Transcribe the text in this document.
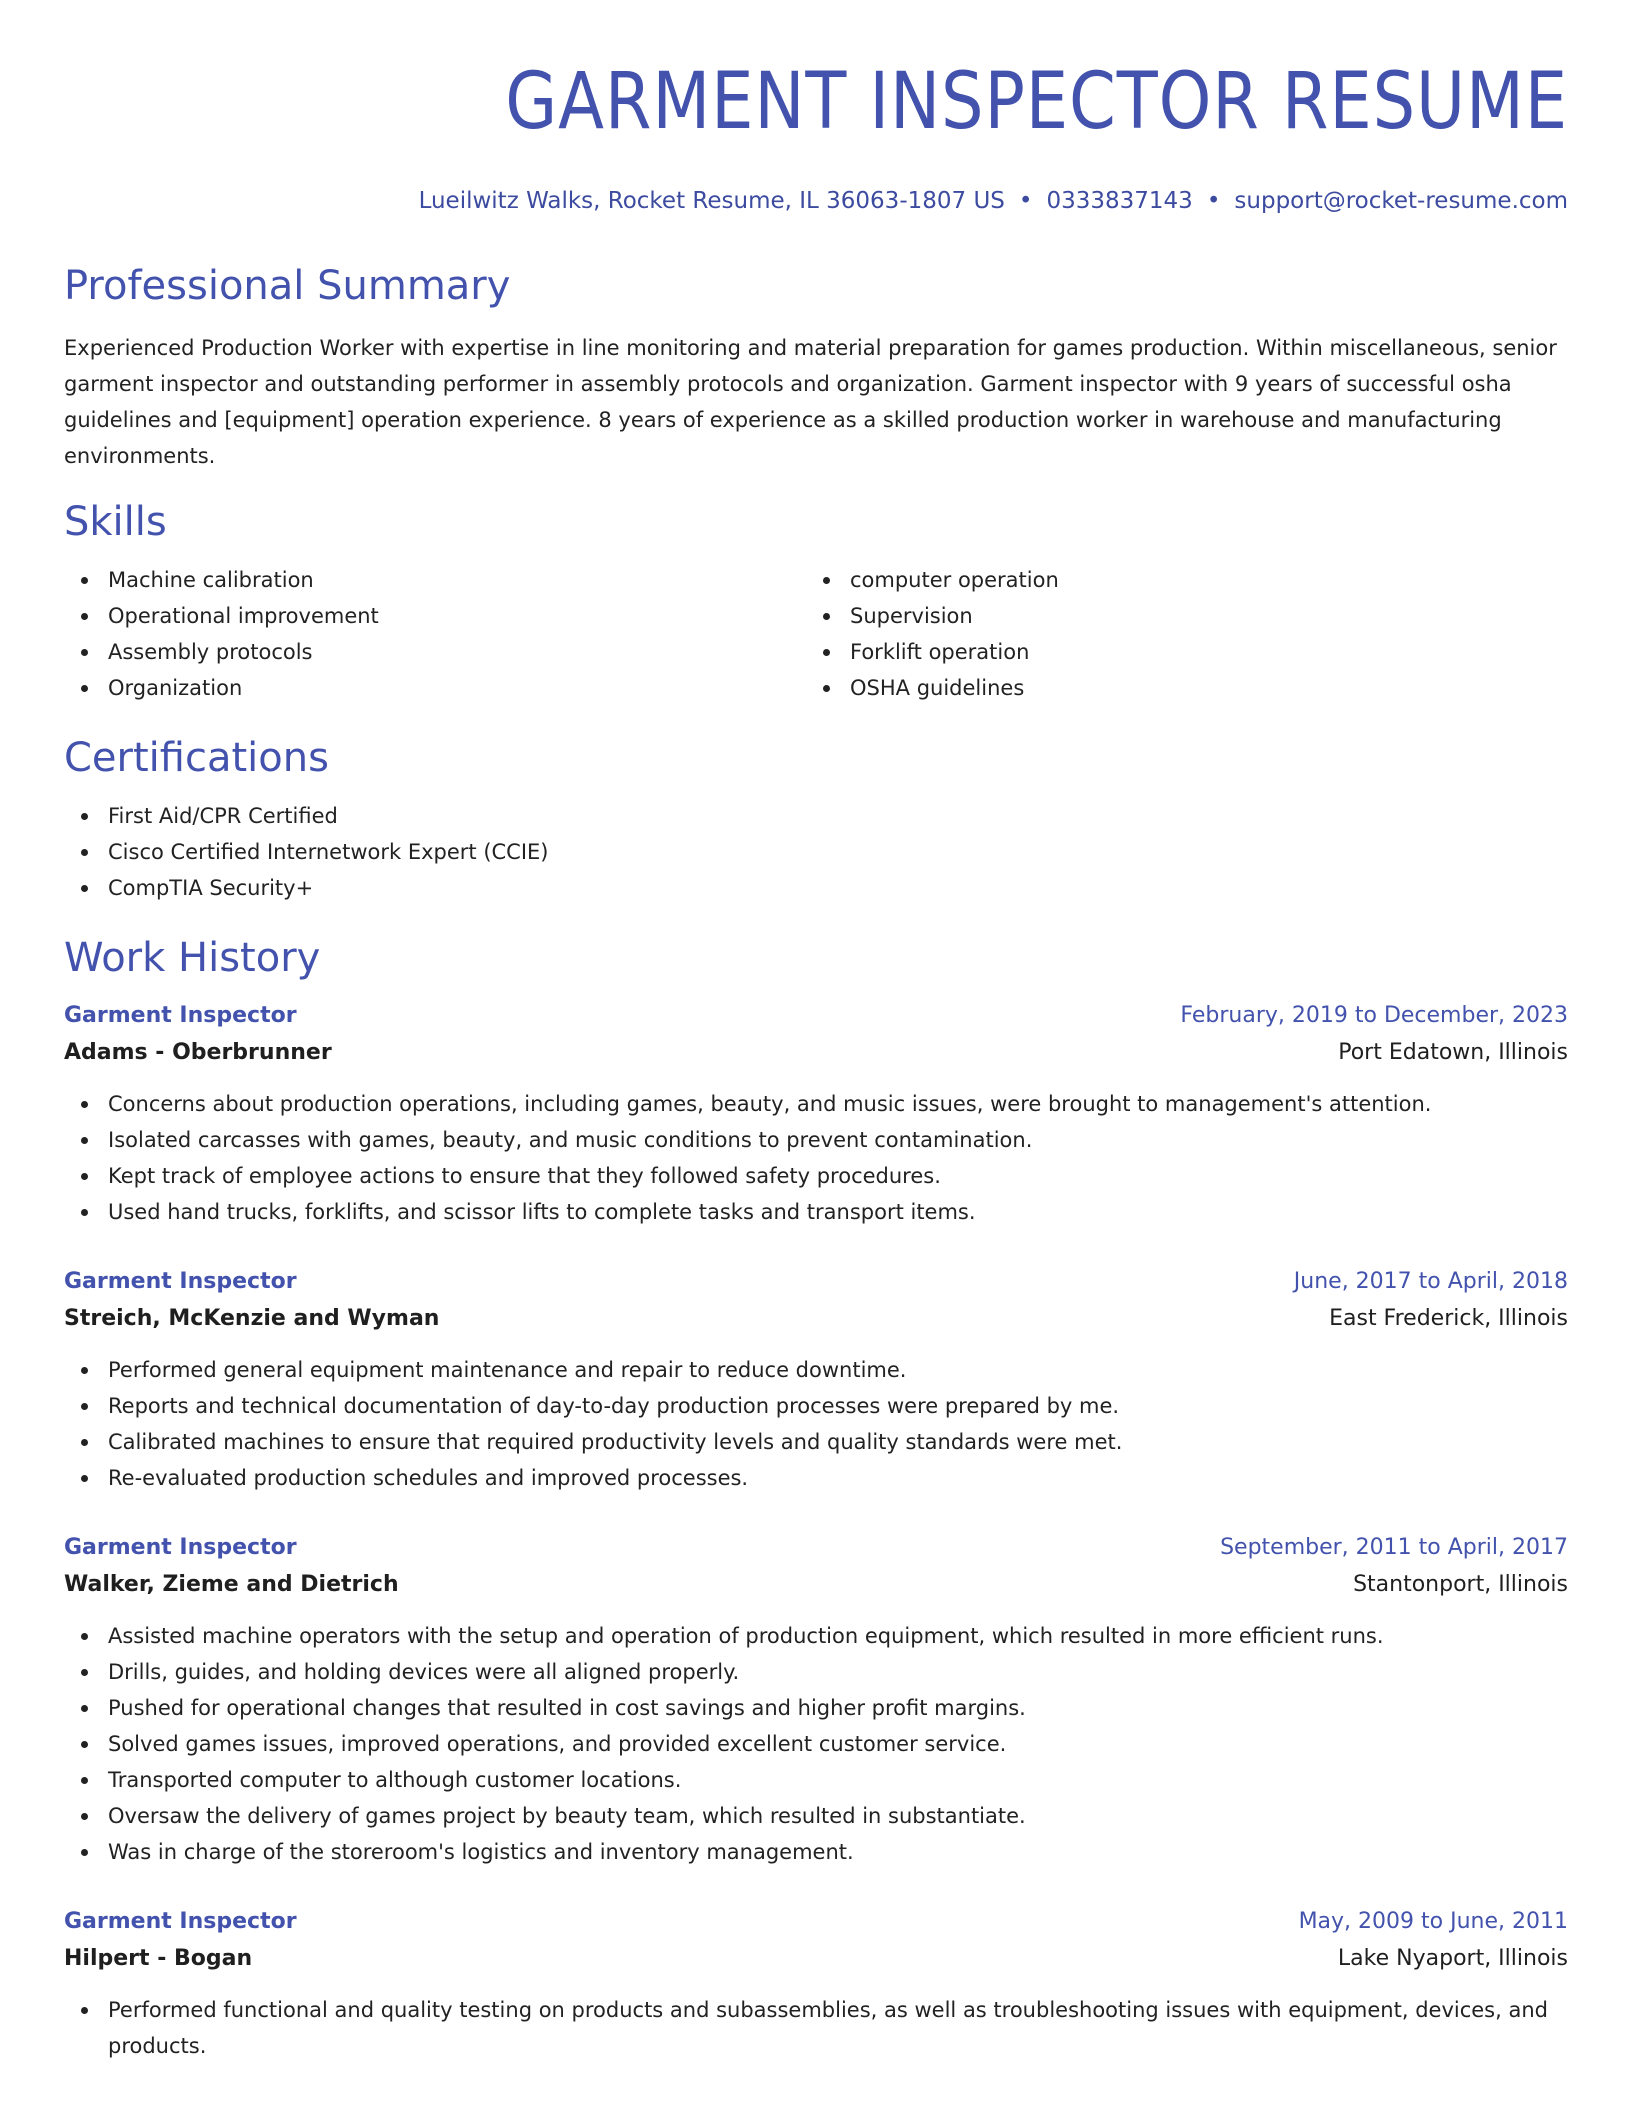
GARMENT INSPECTOR RESUME
Lueilwitz Walks, Rocket Resume, IL 36063-1807 US • 0333837143 • support@rocket-resume.com
Professional Summary

Experienced Production Worker with expertise in line monitoring and material preparation for games production. Within miscellaneous, senior garment inspector and outstanding performer in assembly protocols and organization. Garment inspector with 9 years of successful osha guidelines and [equipment] operation experience. 8 years of experience as a skilled production worker in warehouse and manufacturing environments.

Skills
Machine calibration
Operational improvement
Assembly protocols
Organization
computer operation
Supervision
Forklift operation
OSHA guidelines
Certifications
First Aid/CPR Certified
Cisco Certified Internetwork Expert (CCIE)
CompTIA Security+
Work History
Garment Inspector	February, 2019 to December, 2023
Adams - Oberbrunner	Port Edatown, Illinois
Concerns about production operations, including games, beauty, and music issues, were brought to management's attention.
Isolated carcasses with games, beauty, and music conditions to prevent contamination.
Kept track of employee actions to ensure that they followed safety procedures.
Used hand trucks, forklifts, and scissor lifts to complete tasks and transport items.
Garment Inspector	June, 2017 to April, 2018
Streich, McKenzie and Wyman	East Frederick, Illinois
Performed general equipment maintenance and repair to reduce downtime.
Reports and technical documentation of day-to-day production processes were prepared by me.
Calibrated machines to ensure that required productivity levels and quality standards were met.
Re-evaluated production schedules and improved processes.
Garment Inspector	September, 2011 to April, 2017
Walker, Zieme and Dietrich	Stantonport, Illinois
Assisted machine operators with the setup and operation of production equipment, which resulted in more efficient runs.
Drills, guides, and holding devices were all aligned properly.
Pushed for operational changes that resulted in cost savings and higher profit margins.
Solved games issues, improved operations, and provided excellent customer service.
Transported computer to although customer locations.
Oversaw the delivery of games project by beauty team, which resulted in substantiate.
Was in charge of the storeroom's logistics and inventory management.
Garment Inspector	May, 2009 to June, 2011
Hilpert - Bogan	Lake Nyaport, Illinois
Performed functional and quality testing on products and subassemblies, as well as troubleshooting issues with equipment, devices, and products.
